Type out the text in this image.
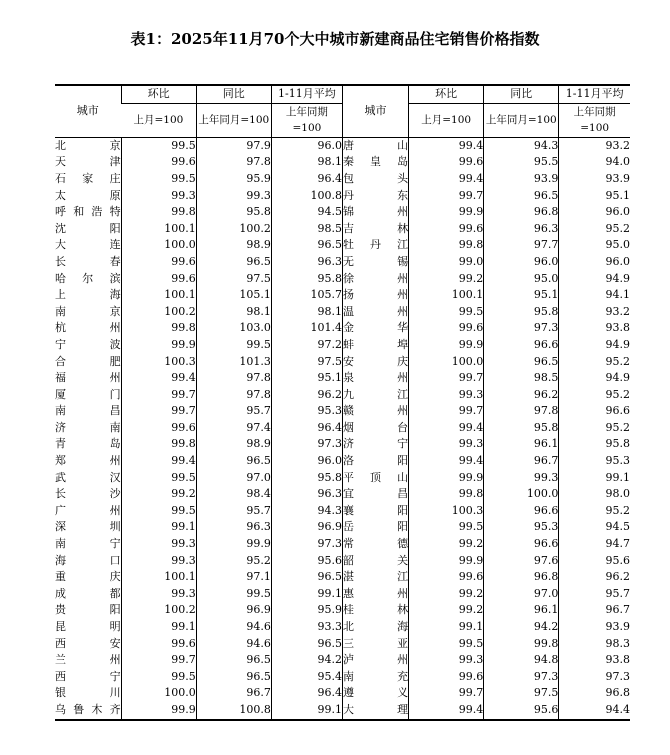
表1：2025年11月70个大中城市新建商品住宅销售价格指数
城市	环比	同比	1-11月平均	城市	环比	同比	1-11月平均
	上月=100	上年同月=100	上年同期=100		上月=100	上年同月=100	上年同期=100
北京	99.5	97.9	96.0	唐山	99.4	94.3	93.2
天津	99.6	97.8	98.1	秦皇岛	99.6	95.5	94.0
石家庄	99.5	95.9	96.4	包头	99.4	93.9	93.9
太原	99.3	99.3	100.8	丹东	99.7	96.5	95.1
呼和浩特	99.8	95.8	94.5	锦州	99.9	96.8	96.0
沈阳	100.1	100.2	98.5	吉林	99.6	96.3	95.2
大连	100.0	98.9	96.5	牡丹江	99.8	97.7	95.0
长春	99.6	96.5	96.3	无锡	99.0	96.0	96.0
哈尔滨	99.6	97.5	95.8	徐州	99.2	95.0	94.9
上海	100.1	105.1	105.7	扬州	100.1	95.1	94.1
南京	100.2	98.1	98.1	温州	99.5	95.8	93.2
杭州	99.8	103.0	101.4	金华	99.6	97.3	93.8
宁波	99.9	99.5	97.2	蚌埠	99.9	96.6	94.9
合肥	100.3	101.3	97.5	安庆	100.0	96.5	95.2
福州	99.4	97.8	95.1	泉州	99.7	98.5	94.9
厦门	99.7	97.8	96.2	九江	99.3	96.2	95.2
南昌	99.7	95.7	95.3	赣州	99.7	97.8	96.6
济南	99.6	97.4	96.4	烟台	99.4	95.8	95.2
青岛	99.8	98.9	97.3	济宁	99.3	96.1	95.8
郑州	99.4	96.5	96.0	洛阳	99.4	96.7	95.3
武汉	99.5	97.0	95.8	平顶山	99.9	99.3	99.1
长沙	99.2	98.4	96.3	宜昌	99.8	100.0	98.0
广州	99.5	95.7	94.3	襄阳	100.3	96.6	95.2
深圳	99.1	96.3	96.9	岳阳	99.5	95.3	94.5
南宁	99.3	99.9	97.3	常德	99.2	96.6	94.7
海口	99.3	95.2	95.6	韶关	99.9	97.6	95.6
重庆	100.1	97.1	96.5	湛江	99.6	96.8	96.2
成都	99.3	99.5	99.1	惠州	99.2	97.0	95.7
贵阳	100.2	96.9	95.9	桂林	99.2	96.1	96.7
昆明	99.1	94.6	93.3	北海	99.1	94.2	93.9
西安	99.6	94.6	96.5	三亚	99.5	99.8	98.3
兰州	99.7	96.5	94.2	泸州	99.3	94.8	93.8
西宁	99.5	96.5	95.4	南充	99.6	97.3	97.3
银川	100.0	96.7	96.4	遵义	99.7	97.5	96.8
乌鲁木齐	99.9	100.8	99.1	大理	99.4	95.6	94.4
